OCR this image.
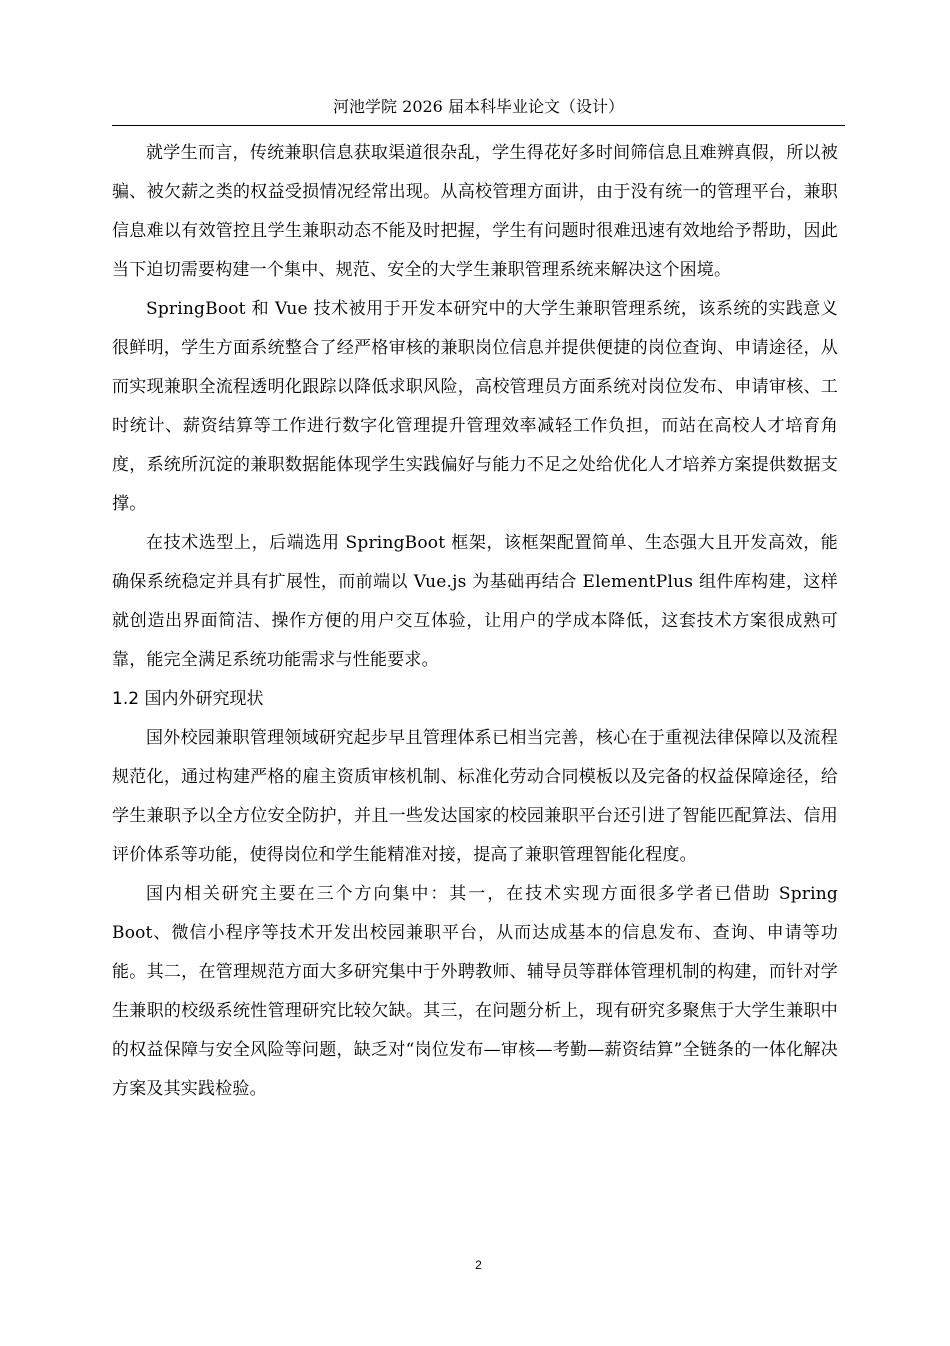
河池学院 2026 届本科毕业论文（设计）

就学生而言，传统兼职信息获取渠道很杂乱，学生得花好多时间筛信息且难辨真假，所以被骗、被欠薪之类的权益受损情况经常出现。从高校管理方面讲，由于没有统一的管理平台，兼职信息难以有效管控且学生兼职动态不能及时把握，学生有问题时很难迅速有效地给予帮助，因此当下迫切需要构建一个集中、规范、安全的大学生兼职管理系统来解决这个困境。

SpringBoot 和 Vue 技术被用于开发本研究中的大学生兼职管理系统，该系统的实践意义很鲜明，学生方面系统整合了经严格审核的兼职岗位信息并提供便捷的岗位查询、申请途径，从而实现兼职全流程透明化跟踪以降低求职风险，高校管理员方面系统对岗位发布、申请审核、工时统计、薪资结算等工作进行数字化管理提升管理效率减轻工作负担，而站在高校人才培育角度，系统所沉淀的兼职数据能体现学生实践偏好与能力不足之处给优化人才培养方案提供数据支撑。

在技术选型上，后端选用 SpringBoot 框架，该框架配置简单、生态强大且开发高效，能确保系统稳定并具有扩展性，而前端以 Vue.js 为基础再结合 ElementPlus 组件库构建，这样就创造出界面简洁、操作方便的用户交互体验，让用户的学成本降低，这套技术方案很成熟可靠，能完全满足系统功能需求与性能要求。

1.2 国内外研究现状

国外校园兼职管理领域研究起步早且管理体系已相当完善，核心在于重视法律保障以及流程规范化，通过构建严格的雇主资质审核机制、标准化劳动合同模板以及完备的权益保障途径，给学生兼职予以全方位安全防护，并且一些发达国家的校园兼职平台还引进了智能匹配算法、信用评价体系等功能，使得岗位和学生能精准对接，提高了兼职管理智能化程度。

国内相关研究主要在三个方向集中：其一，在技术实现方面很多学者已借助 Spring Boot、微信小程序等技术开发出校园兼职平台，从而达成基本的信息发布、查询、申请等功能。其二，在管理规范方面大多研究集中于外聘教师、辅导员等群体管理机制的构建，而针对学生兼职的校级系统性管理研究比较欠缺。其三，在问题分析上，现有研究多聚焦于大学生兼职中的权益保障与安全风险等问题，缺乏对“岗位发布—审核—考勤—薪资结算”全链条的一体化解决方案及其实践检验。

2
